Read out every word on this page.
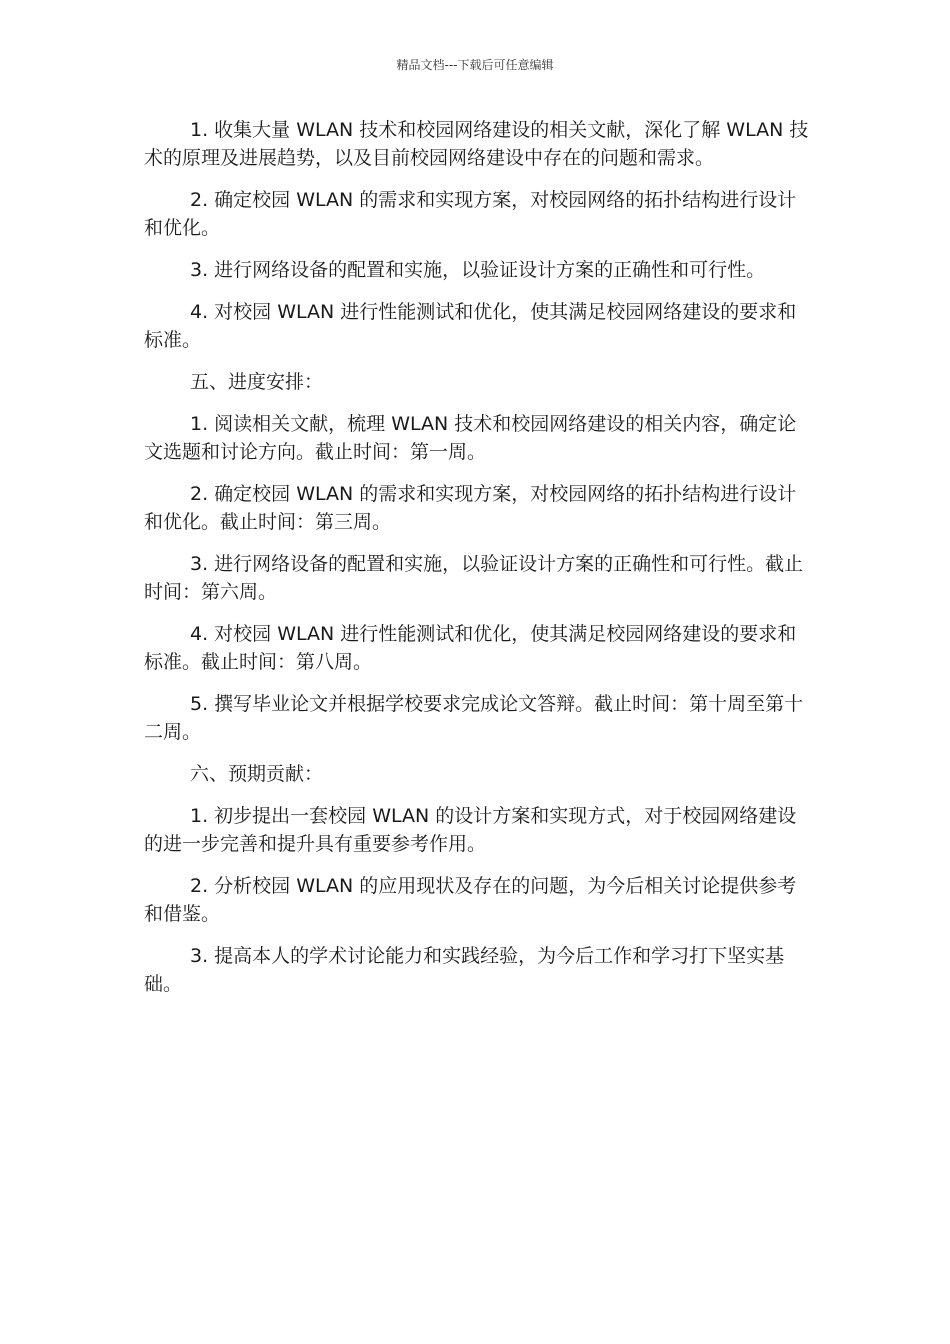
精品文档---下载后可任意编辑

1. 收集大量 WLAN 技术和校园网络建设的相关文献，深化了解 WLAN 技术的原理及进展趋势，以及目前校园网络建设中存在的问题和需求。

2. 确定校园 WLAN 的需求和实现方案，对校园网络的拓扑结构进行设计和优化。

3. 进行网络设备的配置和实施，以验证设计方案的正确性和可行性。

4. 对校园 WLAN 进行性能测试和优化，使其满足校园网络建设的要求和标准。

五、进度安排：

1. 阅读相关文献，梳理 WLAN 技术和校园网络建设的相关内容，确定论文选题和讨论方向。截止时间：第一周。

2. 确定校园 WLAN 的需求和实现方案，对校园网络的拓扑结构进行设计和优化。截止时间：第三周。

3. 进行网络设备的配置和实施，以验证设计方案的正确性和可行性。截止时间：第六周。

4. 对校园 WLAN 进行性能测试和优化，使其满足校园网络建设的要求和标准。截止时间：第八周。

5. 撰写毕业论文并根据学校要求完成论文答辩。截止时间：第十周至第十二周。

六、预期贡献：

1. 初步提出一套校园 WLAN 的设计方案和实现方式，对于校园网络建设的进一步完善和提升具有重要参考作用。

2. 分析校园 WLAN 的应用现状及存在的问题，为今后相关讨论提供参考和借鉴。

3. 提高本人的学术讨论能力和实践经验，为今后工作和学习打下坚实基础。
